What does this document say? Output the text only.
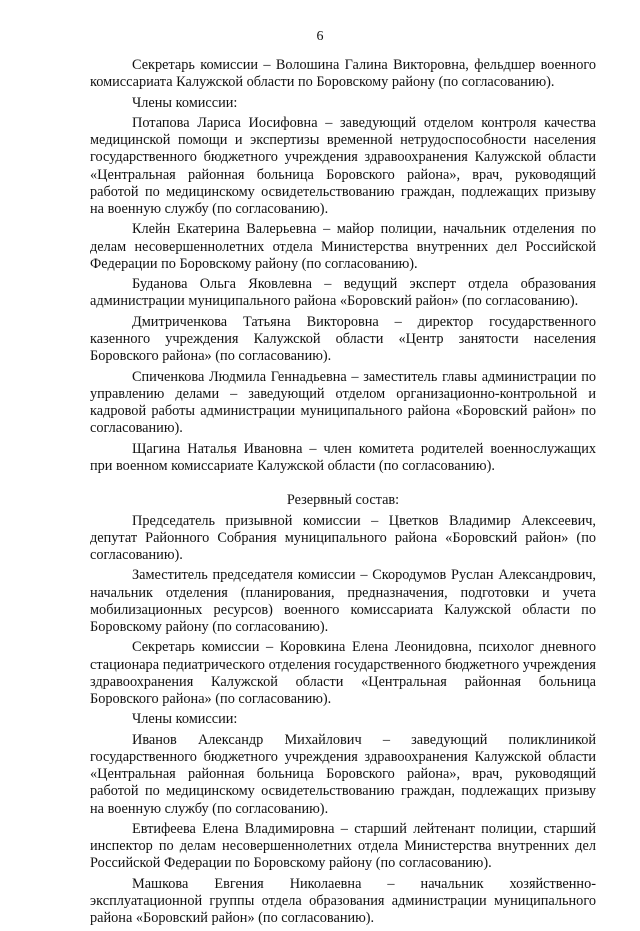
6

Секретарь комиссии – Волошина Галина Викторовна, фельдшер военного комиссариата Калужской области по Боровскому району (по согласованию).

Члены комиссии:

Потапова Лариса Иосифовна – заведующий отделом контроля качества медицинской помощи и экспертизы временной нетрудоспособности населения государственного бюджетного учреждения здравоохранения Калужской области «Центральная районная больница Боровского района», врач, руководящий работой по медицинскому освидетельствованию граждан, подлежащих призыву на военную службу (по согласованию).

Клейн Екатерина Валерьевна – майор полиции, начальник отделения по делам несовершеннолетних отдела Министерства внутренних дел Российской Федерации по Боровскому району (по согласованию).

Буданова Ольга Яковлевна – ведущий эксперт отдела образования администрации муниципального района «Боровский район» (по согласованию).

Дмитриченкова Татьяна Викторовна – директор государственного казенного учреждения Калужской области «Центр занятости населения Боровского района» (по согласованию).

Спиченкова Людмила Геннадьевна – заместитель главы администрации по управлению делами – заведующий отделом организационно-контрольной и кадровой работы администрации муниципального района «Боровский район» по согласованию).

Щагина Наталья Ивановна – член комитета родителей военнослужащих при военном комиссариате Калужской области (по согласованию).

Резервный состав:

Председатель призывной комиссии – Цветков Владимир Алексеевич, депутат Районного Собрания муниципального района «Боровский район» (по согласованию).

Заместитель председателя комиссии – Скородумов Руслан Александрович, начальник отделения (планирования, предназначения, подготовки и учета мобилизационных ресурсов) военного комиссариата Калужской области по Боровскому району (по согласованию).

Секретарь комиссии – Коровкина Елена Леонидовна, психолог дневного стационара педиатрического отделения государственного бюджетного учреждения здравоохранения Калужской области «Центральная районная больница Боровского района» (по согласованию).

Члены комиссии:

Иванов Александр Михайлович – заведующий поликлиникой государственного бюджетного учреждения здравоохранения Калужской области «Центральная районная больница Боровского района», врач, руководящий работой по медицинскому освидетельствованию граждан, подлежащих призыву на военную службу (по согласованию).

Евтифеева Елена Владимировна – старший лейтенант полиции, старший инспектор по делам несовершеннолетних отдела Министерства внутренних дел Российской Федерации по Боровскому району (по согласованию).

Машкова Евгения Николаевна – начальник хозяйственно-эксплуатационной группы отдела образования администрации муниципального района «Боровский район» (по согласованию).
